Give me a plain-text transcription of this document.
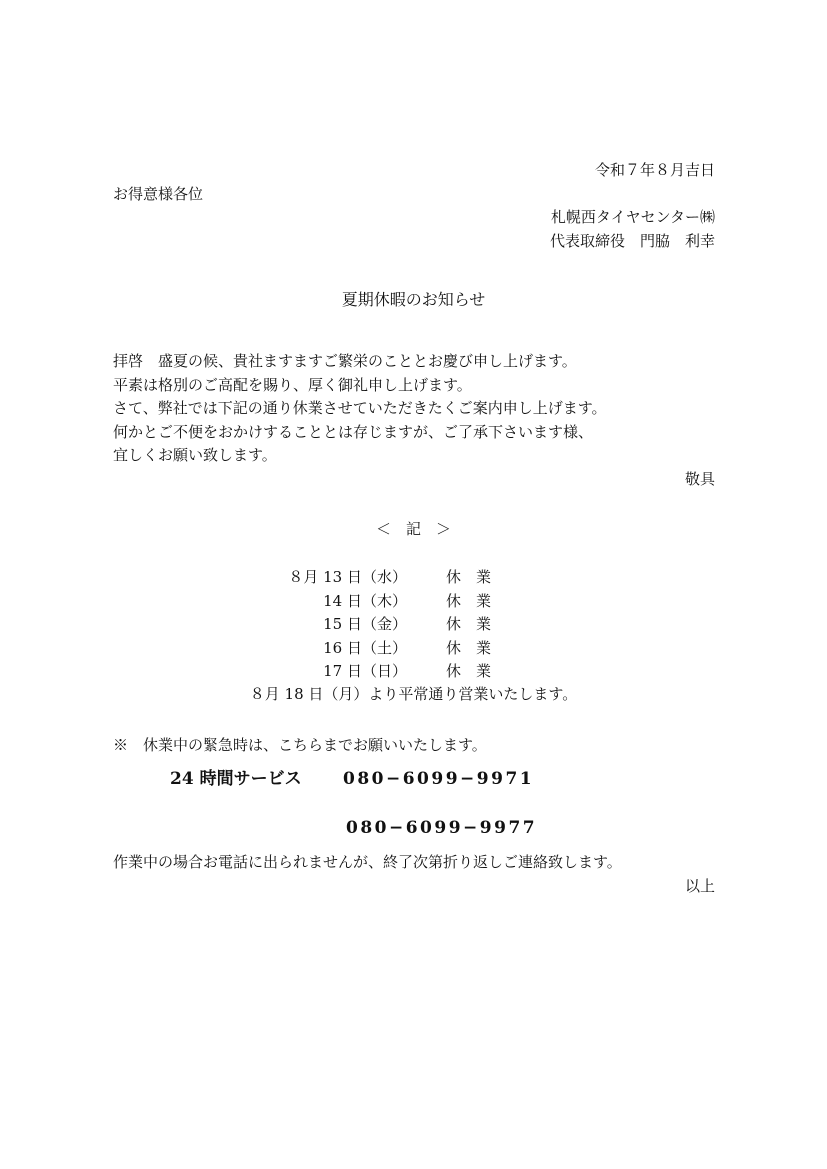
令和７年８月吉日
お得意様各位
札幌西タイヤセンター㈱
代表取締役　門脇　利幸
夏期休暇のお知らせ
拝啓　盛夏の候、貴社ますますご繁栄のこととお慶び申し上げます。
平素は格別のご高配を賜り、厚く御礼申し上げます。
さて、弊社では下記の通り休業させていただきたくご案内申し上げます。
何かとご不便をおかけすることとは存じますが、ご了承下さいます様、
宜しくお願い致します。
敬具
＜　記　＞
８月 13 日（水）	休　業
14 日（木）	休　業
15 日（金）	休　業
16 日（土）	休　業
17 日（日）	休　業
８月 18 日（月）より平常通り営業いたします。
※　休業中の緊急時は、こちらまでお願いいたします。
24 時間サービス 080−6099−9971
080−6099−9977
作業中の場合お電話に出られませんが、終了次第折り返しご連絡致します。
以上
